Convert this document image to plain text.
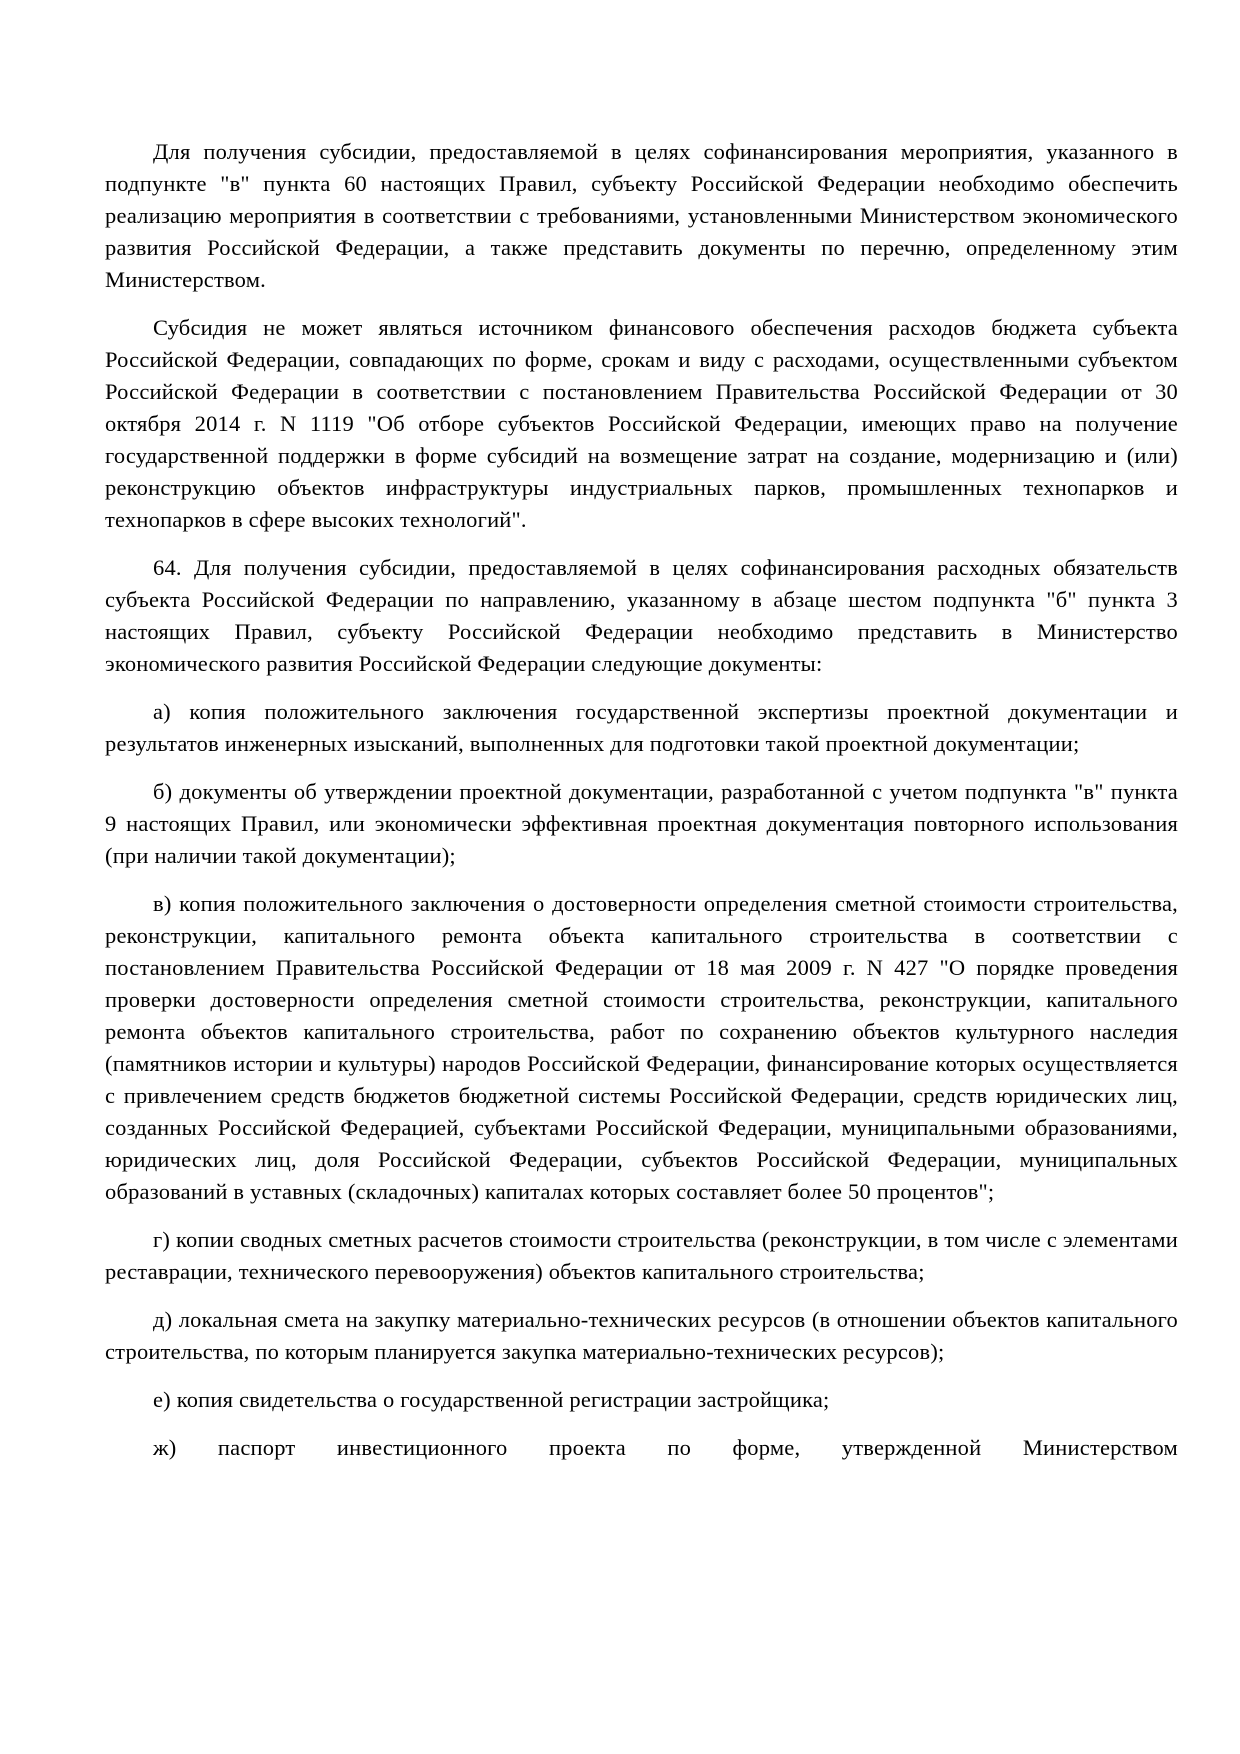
Для получения субсидии, предоставляемой в целях софинансирования мероприятия, указанного в подпункте "в" пункта 60 настоящих Правил, субъекту Российской Федерации необходимо обеспечить реализацию мероприятия в соответствии с требованиями, установленными Министерством экономического развития Российской Федерации, а также представить документы по перечню, определенному этим Министерством.

Субсидия не может являться источником финансового обеспечения расходов бюджета субъекта Российской Федерации, совпадающих по форме, срокам и виду с расходами, осуществленными субъектом Российской Федерации в соответствии с постановлением Правительства Российской Федерации от 30 октября 2014 г. N 1119 "Об отборе субъектов Российской Федерации, имеющих право на получение государственной поддержки в форме субсидий на возмещение затрат на создание, модернизацию и (или) реконструкцию объектов инфраструктуры индустриальных парков, промышленных технопарков и технопарков в сфере высоких технологий".

64. Для получения субсидии, предоставляемой в целях софинансирования расходных обязательств субъекта Российской Федерации по направлению, указанному в абзаце шестом подпункта "б" пункта 3 настоящих Правил, субъекту Российской Федерации необходимо представить в Министерство экономического развития Российской Федерации следующие документы:

а) копия положительного заключения государственной экспертизы проектной документации и результатов инженерных изысканий, выполненных для подготовки такой проектной документации;

б) документы об утверждении проектной документации, разработанной с учетом подпункта "в" пункта 9 настоящих Правил, или экономически эффективная проектная документация повторного использования (при наличии такой документации);

в) копия положительного заключения о достоверности определения сметной стоимости строительства, реконструкции, капитального ремонта объекта капитального строительства в соответствии с постановлением Правительства Российской Федерации от 18 мая 2009 г. N 427 "О порядке проведения проверки достоверности определения сметной стоимости строительства, реконструкции, капитального ремонта объектов капитального строительства, работ по сохранению объектов культурного наследия (памятников истории и культуры) народов Российской Федерации, финансирование которых осуществляется с привлечением средств бюджетов бюджетной системы Российской Федерации, средств юридических лиц, созданных Российской Федерацией, субъектами Российской Федерации, муниципальными образованиями, юридических лиц, доля Российской Федерации, субъектов Российской Федерации, муниципальных образований в уставных (складочных) капиталах которых составляет более 50 процентов";

г) копии сводных сметных расчетов стоимости строительства (реконструкции, в том числе с элементами реставрации, технического перевооружения) объектов капитального строительства;

д) локальная смета на закупку материально-технических ресурсов (в отношении объектов капитального строительства, по которым планируется закупка материально-технических ресурсов);

е) копия свидетельства о государственной регистрации застройщика;

ж) паспорт инвестиционного проекта по форме, утвержденной Министерством
